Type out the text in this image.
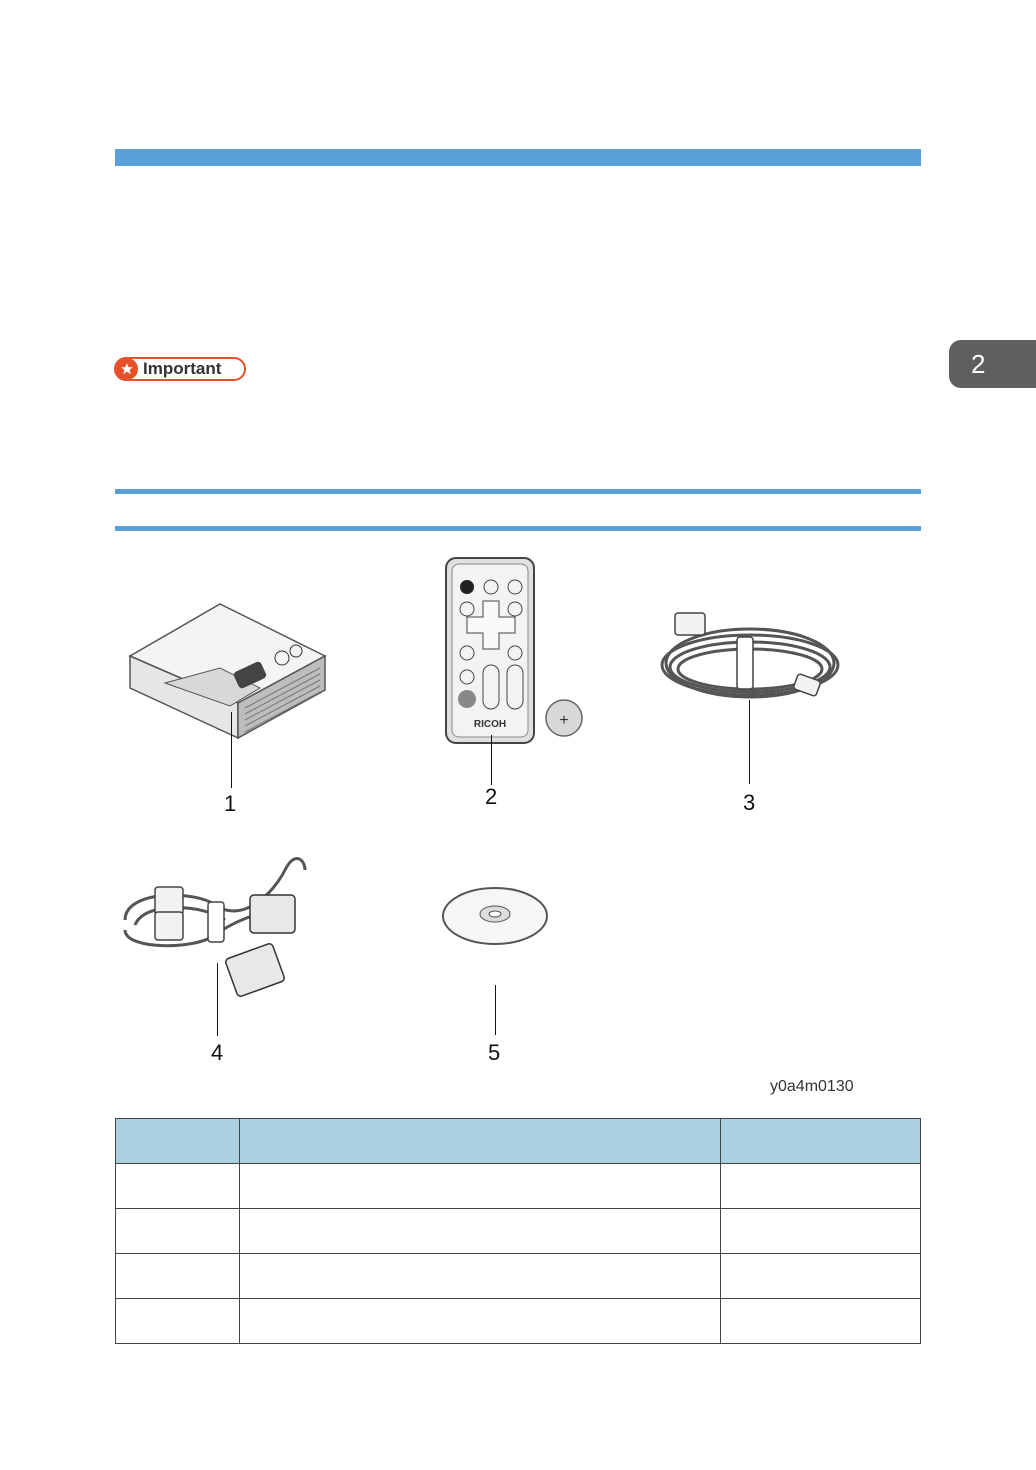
Important	2
1
RICOH	+
2	3
4	5
y0a4m0130
